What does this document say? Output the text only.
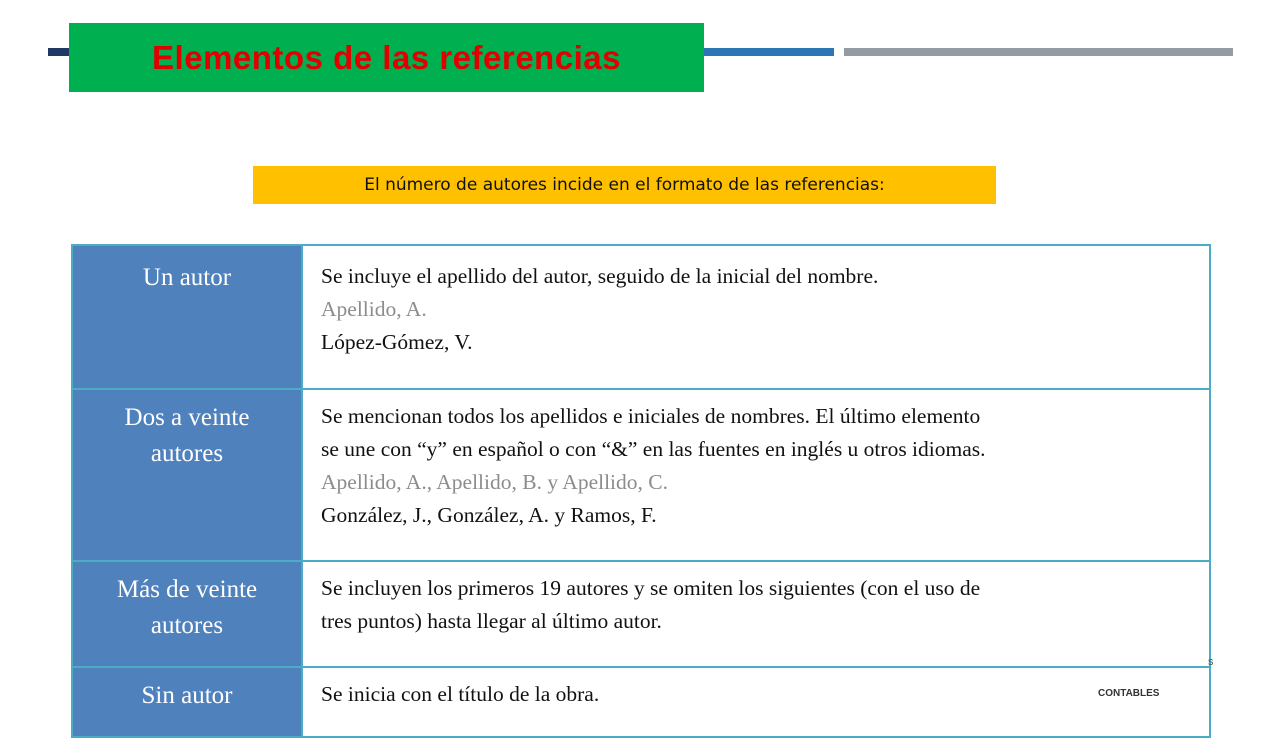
Elementos de las referencias
El número de autores incide en el formato de las referencias:
Un autor	Se incluye el apellido del autor, seguido de la inicial del nombre.
Apellido, A.
López-Gómez, V.

Dos a veinte
autores	Se mencionan todos los apellidos e iniciales de nombres. El último elemento
se une con “y” en español o con “&” en las fuentes en inglés u otros idiomas.
Apellido, A., Apellido, B. y Apellido, C.
González, J., González, A. y Ramos, F.

Más de veinte
autores	Se incluyen los primeros 19 autores y se omiten los siguientes (con el uso de
tres puntos) hasta llegar al último autor.

Sin autor	Se inicia con el título de la obra.
s
CONTABLES
